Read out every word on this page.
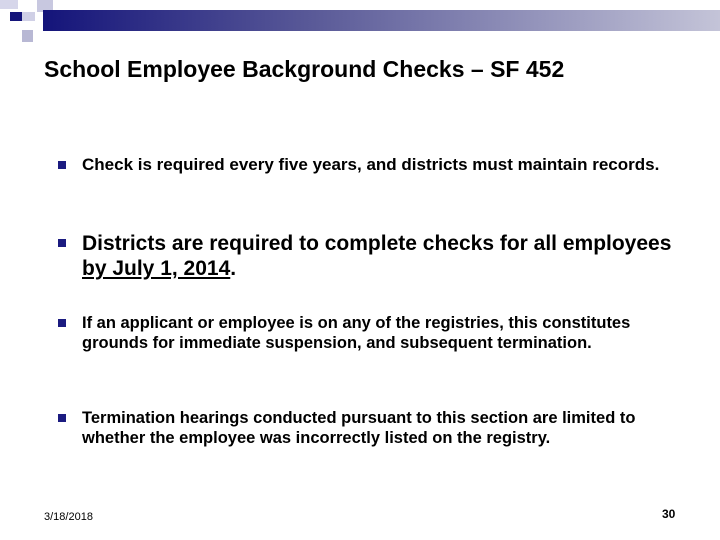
School Employee Background Checks – SF 452
Check is required every five years, and districts must maintain records.
Districts are required to complete checks for all employees by July 1, 2014.
If an applicant or employee is on any of the registries, this constitutes grounds for immediate suspension, and subsequent termination.
Termination hearings conducted pursuant to this section are limited to whether the employee was incorrectly listed on the registry.
3/18/2018	30
